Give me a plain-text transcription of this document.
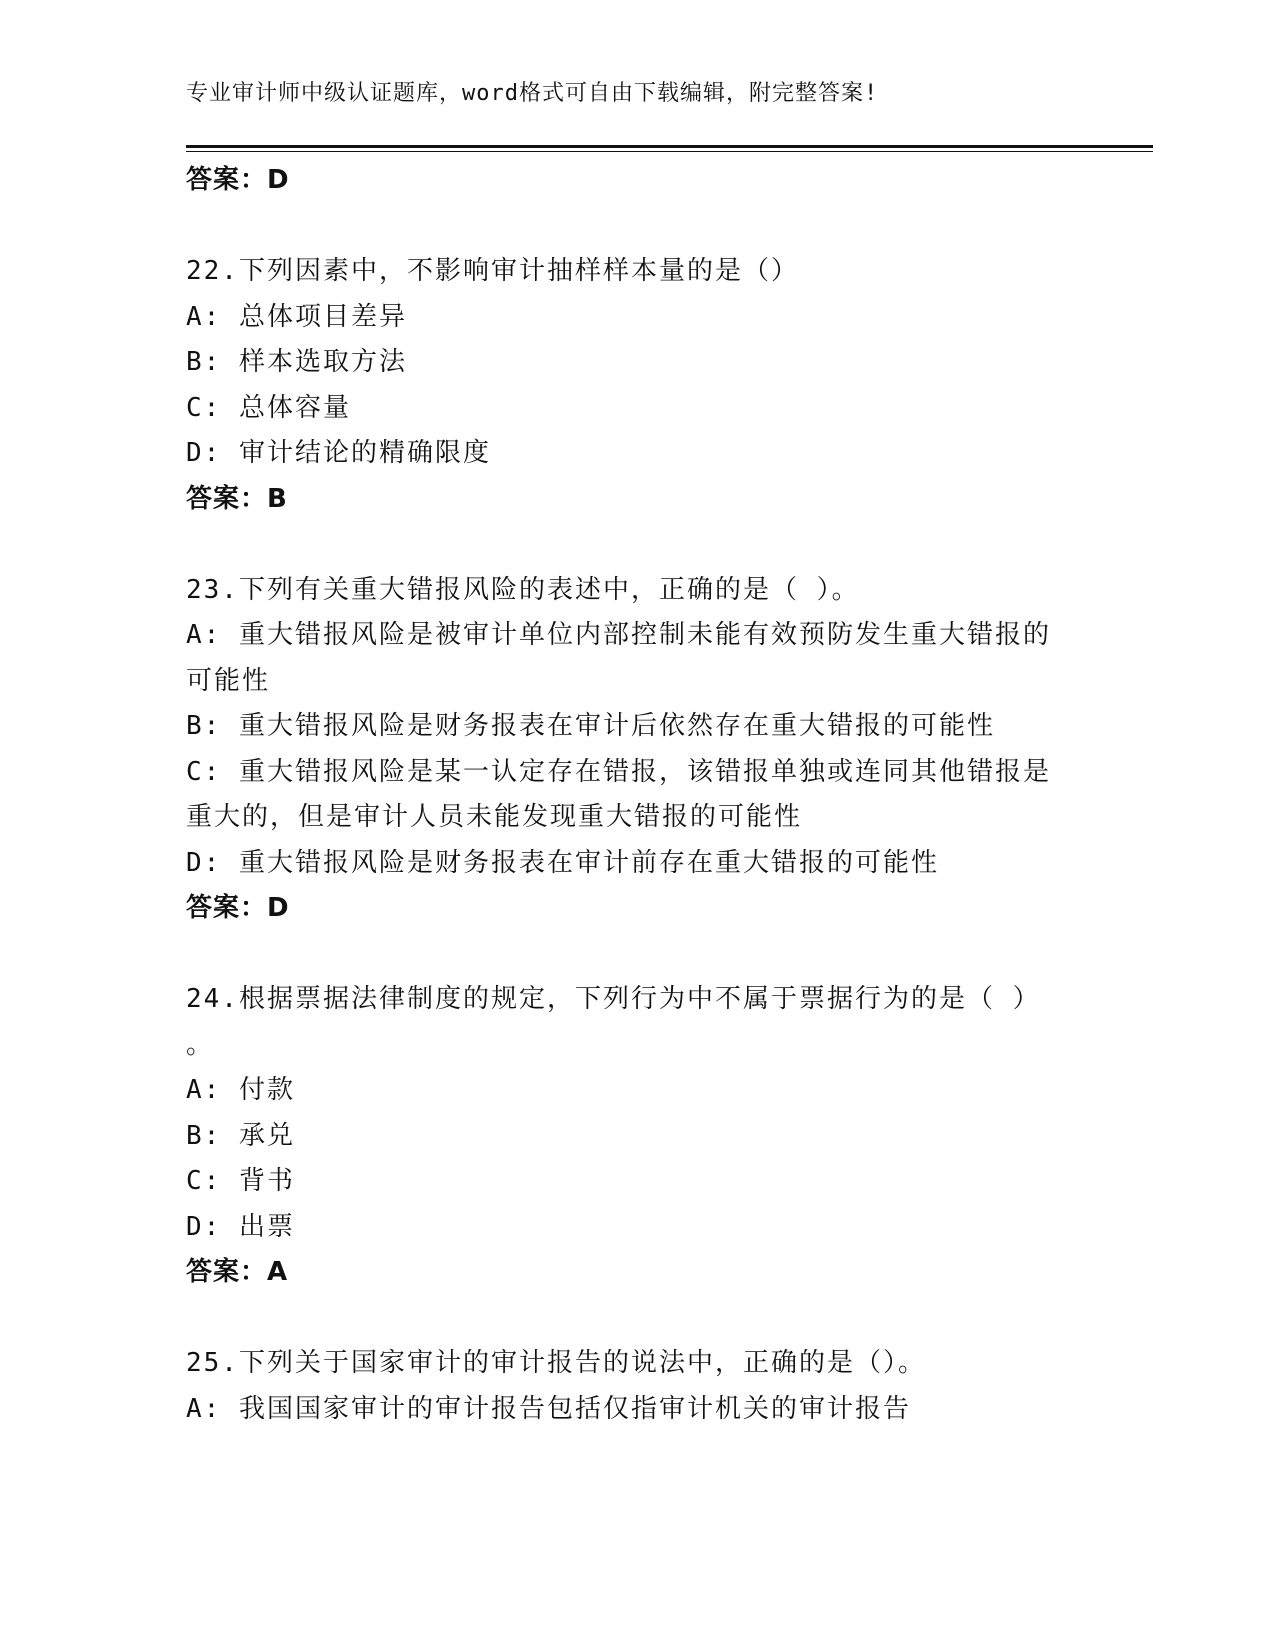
专业审计师中级认证题库，word格式可自由下载编辑，附完整答案!
答案：D
22.下列因素中，不影响审计抽样样本量的是（）
A: 总体项目差异
B: 样本选取方法
C: 总体容量
D: 审计结论的精确限度
答案：B
23.下列有关重大错报风险的表述中，正确的是（ ）。
A: 重大错报风险是被审计单位内部控制未能有效预防发生重大错报的
可能性
B: 重大错报风险是财务报表在审计后依然存在重大错报的可能性
C: 重大错报风险是某一认定存在错报，该错报单独或连同其他错报是
重大的，但是审计人员未能发现重大错报的可能性
D: 重大错报风险是财务报表在审计前存在重大错报的可能性
答案：D
24.根据票据法律制度的规定，下列行为中不属于票据行为的是（ ）
。
A: 付款
B: 承兑
C: 背书
D: 出票
答案：A
25.下列关于国家审计的审计报告的说法中，正确的是（）。
A: 我国国家审计的审计报告包括仅指审计机关的审计报告
